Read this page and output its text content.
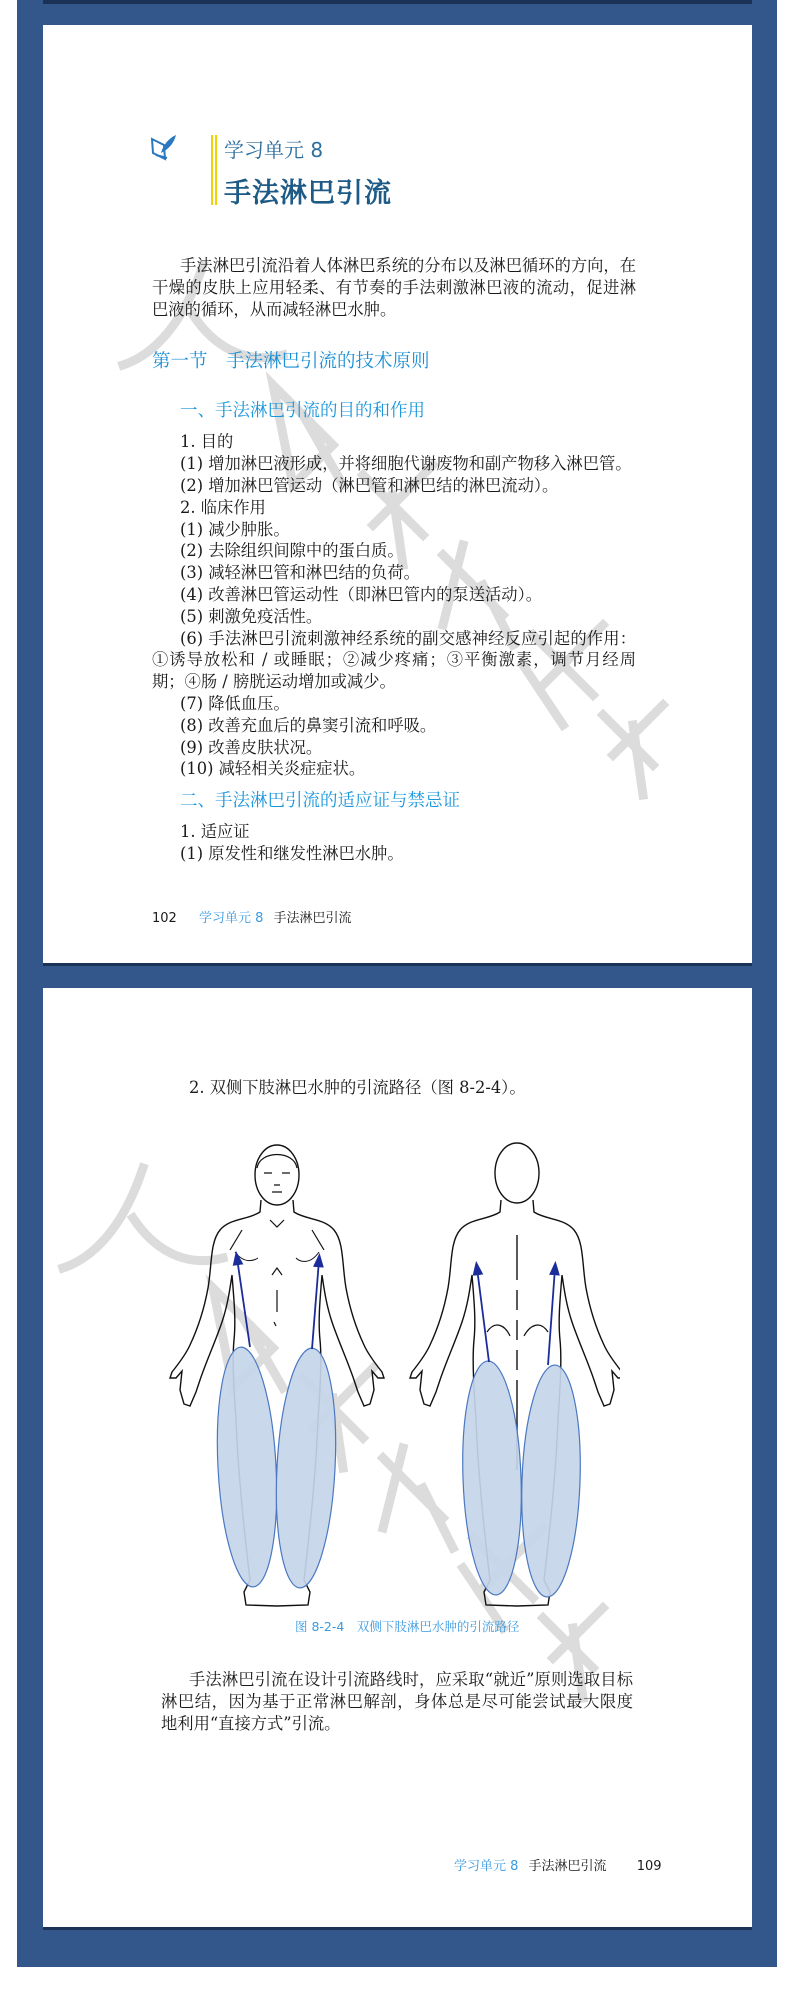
学习单元 8
手法淋巴引流

手法淋巴引流沿着人体淋巴系统的分布以及淋巴循环的方向，在干燥的皮肤上应用轻柔、有节奏的手法刺激淋巴液的流动，促进淋巴液的循环，从而减轻淋巴水肿。

第一节　手法淋巴引流的技术原则
一、手法淋巴引流的目的和作用

1. 目的

(1) 增加淋巴液形成，并将细胞代谢废物和副产物移入淋巴管。

(2) 增加淋巴管运动（淋巴管和淋巴结的淋巴流动）。

2. 临床作用

(1) 减少肿胀。

(2) 去除组织间隙中的蛋白质。

(3) 减轻淋巴管和淋巴结的负荷。

(4) 改善淋巴管运动性（即淋巴管内的泵送活动）。

(5) 刺激免疫活性。

(6) 手法淋巴引流刺激神经系统的副交感神经反应引起的作用：①诱导放松和 / 或睡眠；②减少疼痛；③平衡激素，调节月经周期；④肠 / 膀胱运动增加或减少。

(7) 降低血压。

(8) 改善充血后的鼻窦引流和呼吸。

(9) 改善皮肤状况。

(10) 减轻相关炎症症状。

二、手法淋巴引流的适应证与禁忌证

1. 适应证

(1) 原发性和继发性淋巴水肿。

102 学习单元 8 手法淋巴引流

2. 双侧下肢淋巴水肿的引流路径（图 8-2-4）。

图 8-2-4　双侧下肢淋巴水肿的引流路径

手法淋巴引流在设计引流路线时，应采取“就近”原则选取目标淋巴结，因为基于正常淋巴解剖，身体总是尽可能尝试最大限度地利用“直接方式”引流。

学习单元 8 手法淋巴引流 109
